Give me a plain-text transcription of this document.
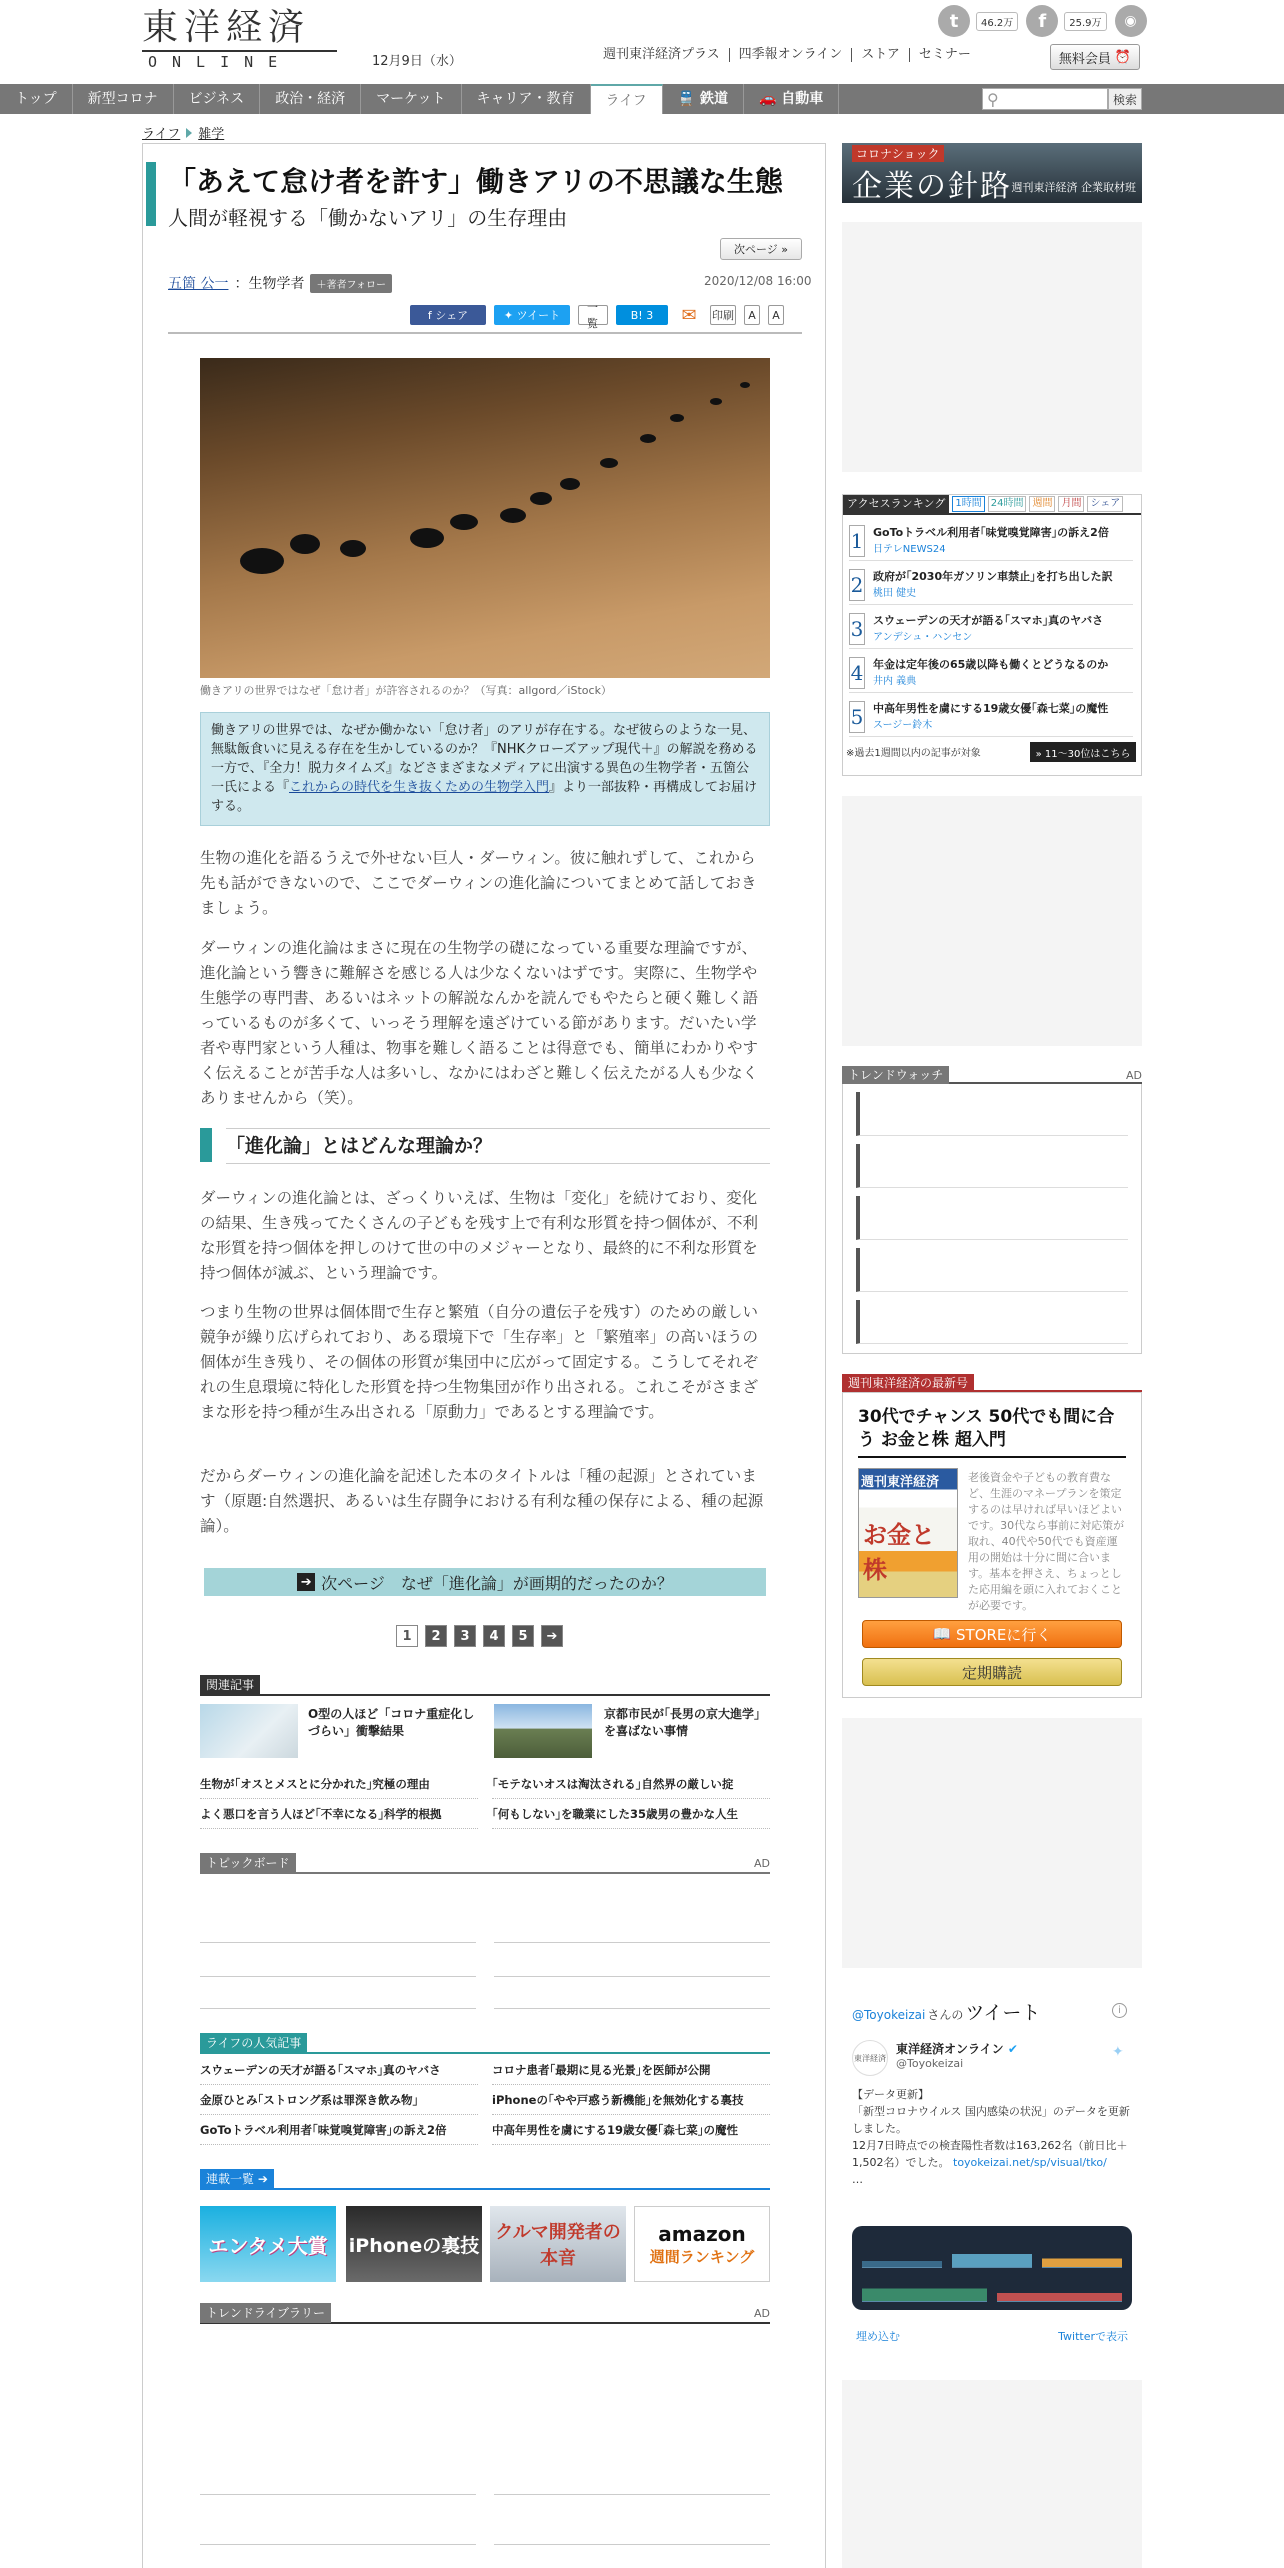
東洋経済
ONLINE	12月9日（水）
t	46.2万	f	25.9万	◉
週刊東洋経済プラス	四季報オンライン	ストア	セミナー	無料会員 ⏰
トップ	新型コロナ	ビジネス	政治・経済	マーケット	キャリア・教育	ライフ	🚆 鉄道	🚗 自動車	⚲	検索
ライフ 雑学
「あえて怠け者を許す」働きアリの不思議な生態
人間が軽視する「働かないアリ」の生存理由
次ページ »
五箇 公一 ：生物学者	＋著者フォロー	2020/12/08 16:00
f シェア	✦ ツイート
一覧
B! 3	✉	印刷	A	A
働きアリの世界ではなぜ「怠け者」が許容されるのか？（写真：allgord／iStock）
働きアリの世界では、なぜか働かない「怠け者」のアリが存在する。なぜ彼らのような一見、無駄飯食いに見える存在を生かしているのか？『NHKクローズアップ現代＋』の解説を務める一方で、『全力！脱力タイムズ』などさまざまなメディアに出演する異色の生物学者・五箇公一氏による『これからの時代を生き抜くための生物学入門』より一部抜粋・再構成してお届けする。

生物の進化を語るうえで外せない巨人・ダーウィン。彼に触れずして、これから先も話ができないので、ここでダーウィンの進化論についてまとめて話しておきましょう。

ダーウィンの進化論はまさに現在の生物学の礎になっている重要な理論ですが、進化論という響きに難解さを感じる人は少なくないはずです。実際に、生物学や生態学の専門書、あるいはネットの解説なんかを読んでもやたらと硬く難しく語っているものが多くて、いっそう理解を遠ざけている節があります。だいたい学者や専門家という人種は、物事を難しく語ることは得意でも、簡単にわかりやすく伝えることが苦手な人は多いし、なかにはわざと難しく伝えたがる人も少なくありませんから（笑）。

「進化論」とはどんな理論か？

ダーウィンの進化論とは、ざっくりいえば、生物は「変化」を続けており、変化の結果、生き残ってたくさんの子どもを残す上で有利な形質を持つ個体が、不利な形質を持つ個体を押しのけて世の中のメジャーとなり、最終的に不利な形質を持つ個体が滅ぶ、という理論です。

つまり生物の世界は個体間で生存と繁殖（自分の遺伝子を残す）のための厳しい競争が繰り広げられており、ある環境下で「生存率」と「繁殖率」の高いほうの個体が生き残り、その個体の形質が集団中に広がって固定する。こうしてそれぞれの生息環境に特化した形質を持つ生物集団が作り出される。これこそがさまざまな形を持つ種が生み出される「原動力」であるとする理論です。

だからダーウィンの進化論を記述した本のタイトルは「種の起源」とされています（原題:自然選択、あるいは生存闘争における有利な種の保存による、種の起源論）。

➔ 次ページ　なぜ「進化論」が画期的だったのか？
1	2	3	4	5	➔
関連記事
O型の人ほど「コロナ重症化しづらい」衝撃結果
京都市民が｢長男の京大進学｣を喜ばない事情
生物が｢オスとメスとに分かれた｣究極の理由	｢モテないオスは淘汰される｣自然界の厳しい掟
よく悪口を言う人ほど｢不幸になる｣科学的根拠	｢何もしない｣を職業にした35歳男の豊かな人生
トピックボード	AD
ライフの人気記事
スウェーデンの天才が語る｢スマホ｣真のヤバさ	コロナ患者｢最期に見る光景｣を医師が公開
金原ひとみ｢ストロング系は罪深き飲み物｣	iPhoneの｢やや戸惑う新機能｣を無効化する裏技
GoToトラベル利用者｢味覚嗅覚障害｣の訴え2倍	中高年男性を虜にする19歳女優｢森七菜｣の魔性
連載一覧 ➔
エンタメ大賞	iPhoneの裏技
クルマ開発者の本音
amazon
週間ランキング
トレンドライブラリー	AD
コロナショック
企業の針路 週刊東洋経済 企業取材班
アクセスランキング	1時間 24時間 週間 月間 シェア
1 GoToトラベル利用者｢味覚嗅覚障害｣の訴え2倍
日テレNEWS24
2 政府が｢2030年ガソリン車禁止｣を打ち出した訳
桃田 健史
3 スウェーデンの天才が語る｢スマホ｣真のヤバさ
アンデシュ・ハンセン
4 年金は定年後の65歳以降も働くとどうなるのか
井内 義典
5 中高年男性を虜にする19歳女優｢森七菜｣の魔性
スージー鈴木
※過去1週間以内の記事が対象	» 11～30位はこちら
トレンドウォッチ	AD
週刊東洋経済の最新号
30代でチャンス 50代でも間に合う お金と株 超入門
週刊東洋経済
お金と株
老後資金や子どもの教育費など、生涯のマネープランを策定するのは早ければ早いほどよいです。30代なら事前に対応策が取れ、40代や50代でも資産運用の開始は十分に間に合います。基本を押さえ、ちょっとした応用編を頭に入れておくことが必要です。
📖 STOREに行く
定期購読
@Toyokeizai さんの ツイート	i
東洋経済
東洋経済オンライン ✔
@Toyokeizai
✦
【データ更新】
「新型コロナウイルス 国内感染の状況」のデータを更新しました。
12月7日時点での検査陽性者数は163,262名（前日比＋1,502名）でした。 toyokeizai.net/sp/visual/tko/
…
埋め込む	Twitterで表示
